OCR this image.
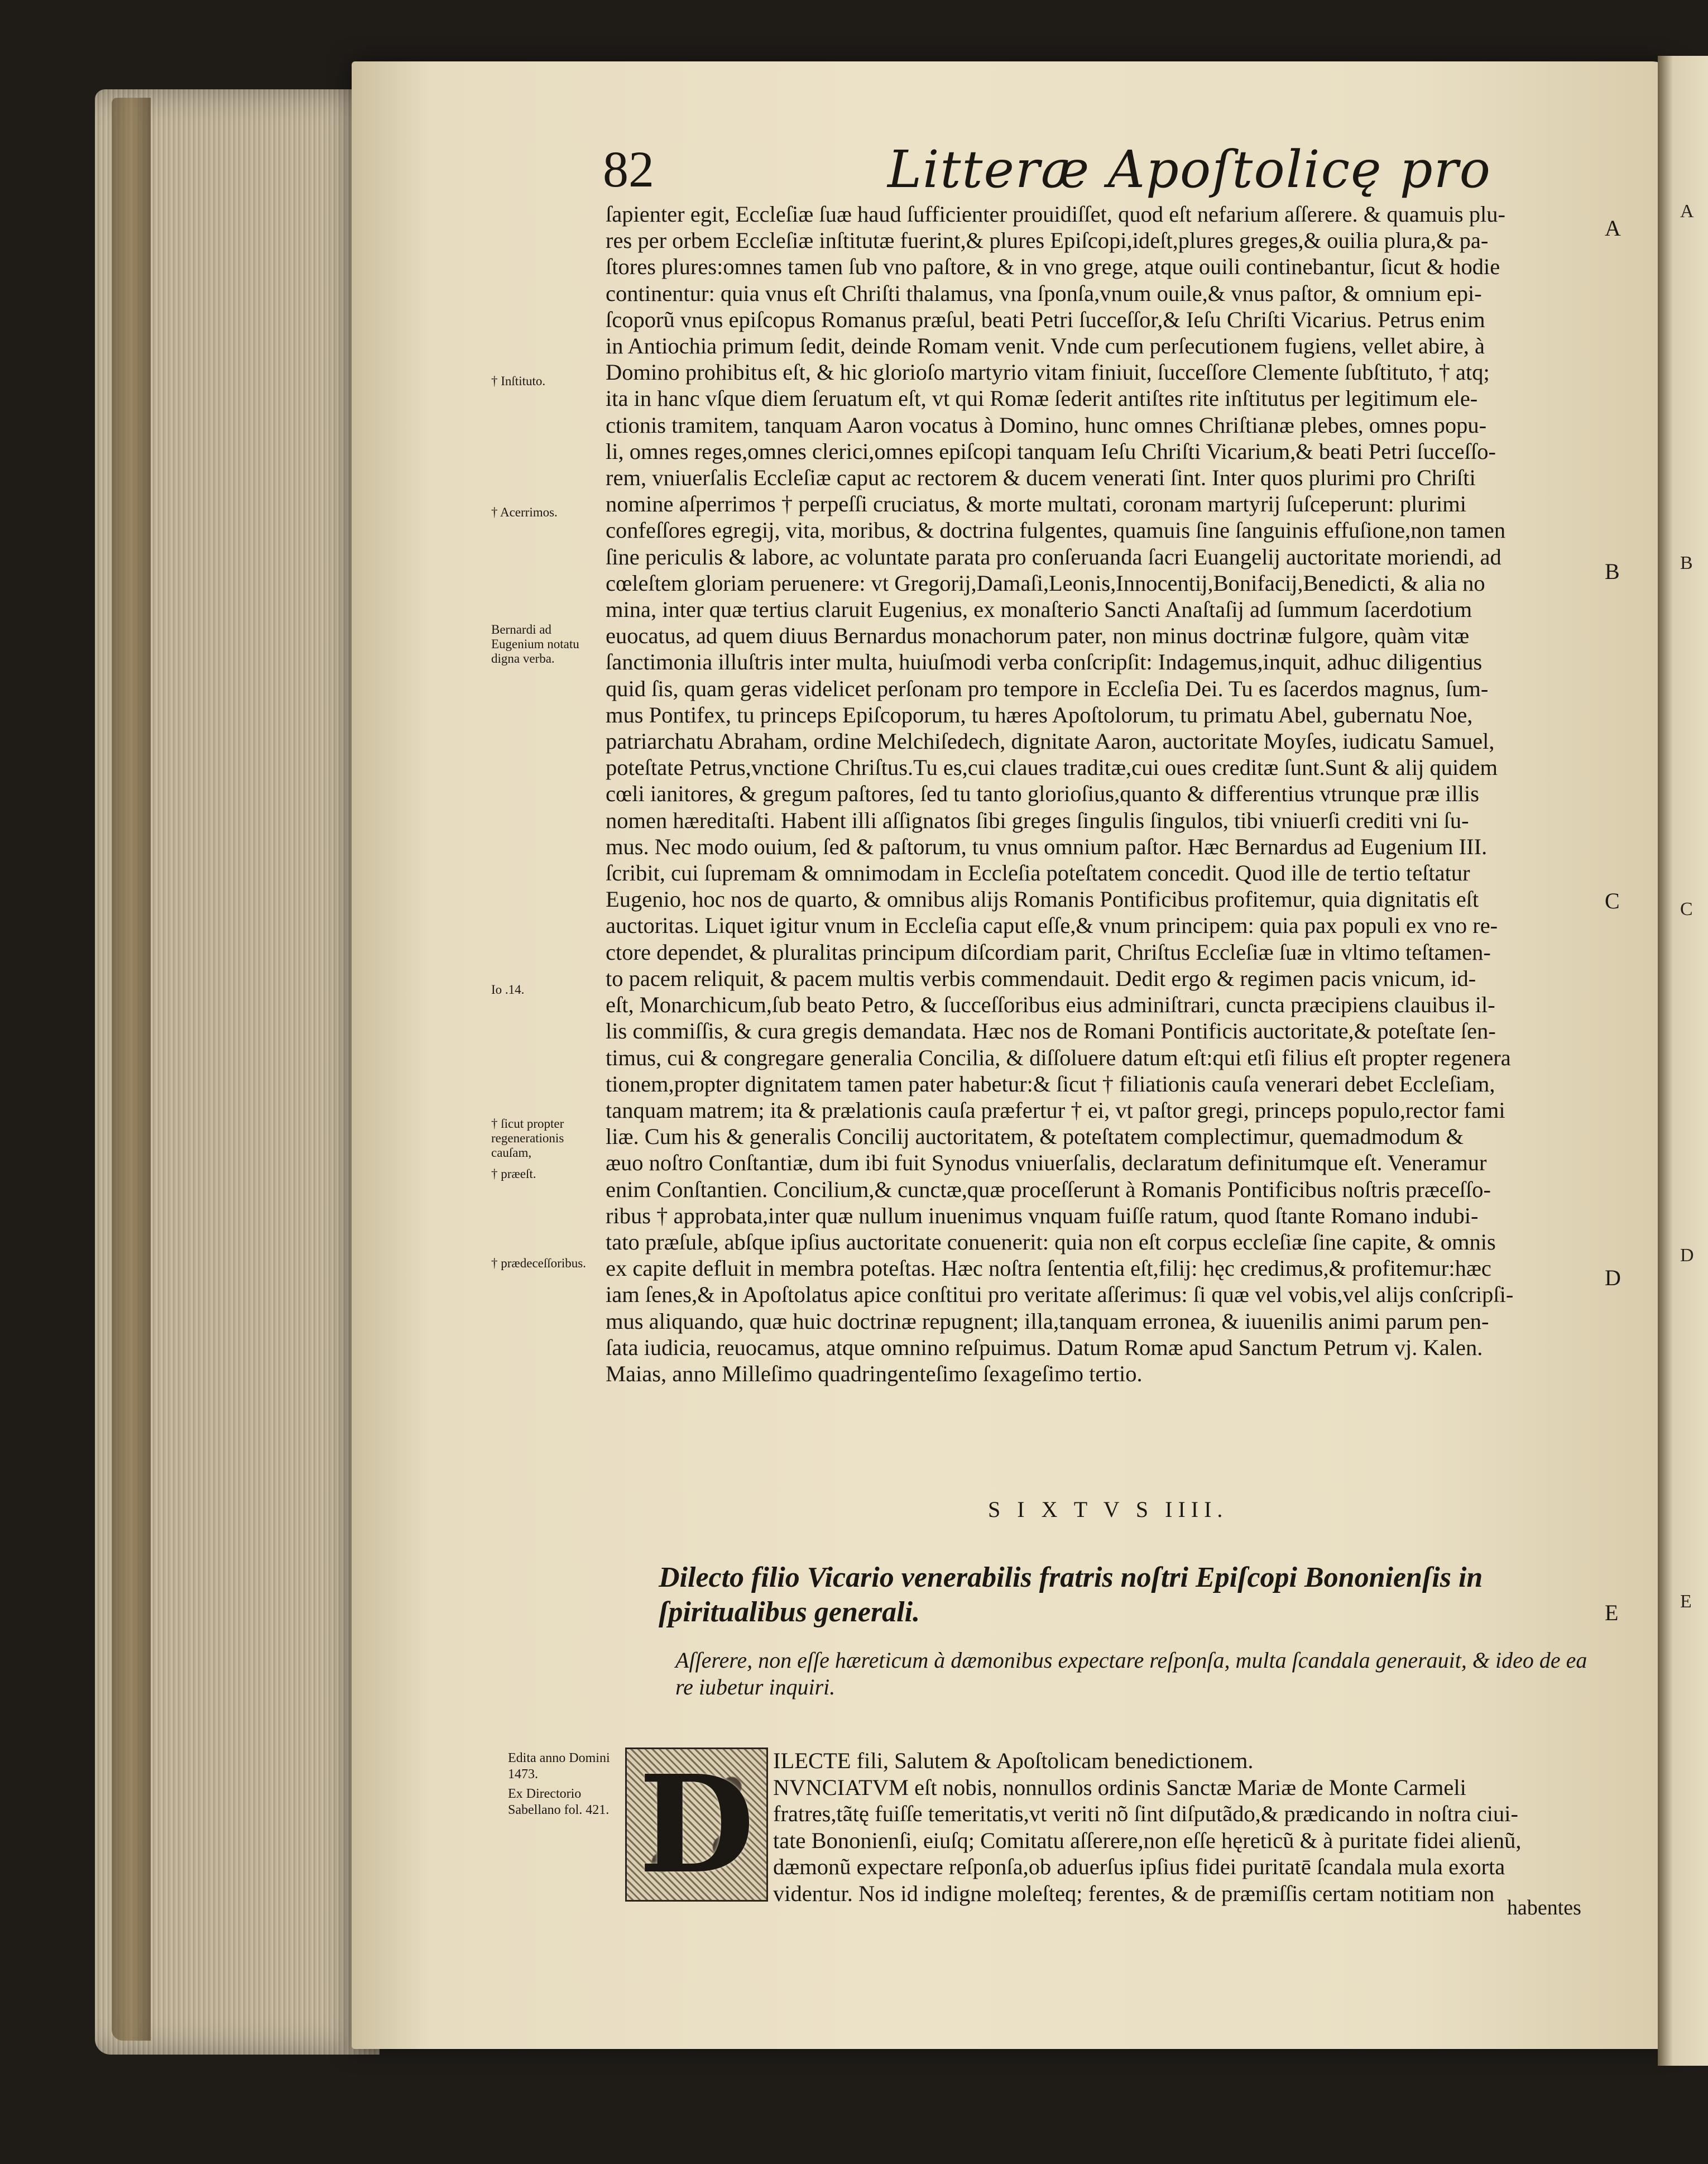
A
B
C
D
E
82	Litteræ Apoſtolicę pro
† Inſtituto.
† Acerrimos.
Bernardi ad Eugenium notatu digna verba.
Io .14.
† ſicut propter regenerationis cauſam,
† præeſt.
† prædeceſſoribus.
A
B
C
D
E
ſapienter egit, Eccleſiæ ſuæ haud ſufficienter prouidiſſet, quod eſt nefarium aſſerere. & quamuis plu-
res per orbem Eccleſiæ inſtitutæ fuerint,& plures Epiſcopi,ideſt,plures greges,& ouilia plura,& pa-
ſtores plures:omnes tamen ſub vno paſtore, & in vno grege, atque ouili continebantur, ſicut & hodie
continentur: quia vnus eſt Chriſti thalamus, vna ſponſa,vnum ouile,& vnus paſtor, & omnium epi-
ſcoporũ vnus epiſcopus Romanus præſul, beati Petri ſucceſſor,& Ieſu Chriſti Vicarius. Petrus enim
in Antiochia primum ſedit, deinde Romam venit. Vnde cum perſecutionem fugiens, vellet abire, à
Domino prohibitus eſt, & hic glorioſo martyrio vitam finiuit, ſucceſſore Clemente ſubſtituto, † atq;
ita in hanc vſque diem ſeruatum eſt, vt qui Romæ ſederit antiſtes rite inſtitutus per legitimum ele-
ctionis tramitem, tanquam Aaron vocatus à Domino, hunc omnes Chriſtianæ plebes, omnes popu-
li, omnes reges,omnes clerici,omnes epiſcopi tanquam Ieſu Chriſti Vicarium,& beati Petri ſucceſſo-
rem, vniuerſalis Eccleſiæ caput ac rectorem & ducem venerati ſint. Inter quos plurimi pro Chriſti
nomine aſperrimos † perpeſſi cruciatus, & morte multati, coronam martyrij ſuſceperunt: plurimi
confeſſores egregij, vita, moribus, & doctrina fulgentes, quamuis ſine ſanguinis effuſione,non tamen
ſine periculis & labore, ac voluntate parata pro conſeruanda ſacri Euangelij auctoritate moriendi, ad
cœleſtem gloriam peruenere: vt Gregorij,Damaſi,Leonis,Innocentij,Bonifacij,Benedicti, & alia no
mina, inter quæ tertius claruit Eugenius, ex monaſterio Sancti Anaſtaſij ad ſummum ſacerdotium
euocatus, ad quem diuus Bernardus monachorum pater, non minus doctrinæ fulgore, quàm vitæ
ſanctimonia illuſtris inter multa, huiuſmodi verba conſcripſit: Indagemus,inquit, adhuc diligentius
quid ſis, quam geras videlicet perſonam pro tempore in Eccleſia Dei. Tu es ſacerdos magnus, ſum-
mus Pontifex, tu princeps Epiſcoporum, tu hæres Apoſtolorum, tu primatu Abel, gubernatu Noe,
patriarchatu Abraham, ordine Melchiſedech, dignitate Aaron, auctoritate Moyſes, iudicatu Samuel,
poteſtate Petrus,vnctione Chriſtus.Tu es,cui claues traditæ,cui oues creditæ ſunt.Sunt & alij quidem
cœli ianitores, & gregum paſtores, ſed tu tanto glorioſius,quanto & differentius vtrunque præ illis
nomen hæreditaſti. Habent illi aſſignatos ſibi greges ſingulis ſingulos, tibi vniuerſi crediti vni ſu-
mus. Nec modo ouium, ſed & paſtorum, tu vnus omnium paſtor. Hæc Bernardus ad Eugenium III.
ſcribit, cui ſupremam & omnimodam in Eccleſia poteſtatem concedit. Quod ille de tertio teſtatur
Eugenio, hoc nos de quarto, & omnibus alijs Romanis Pontificibus profitemur, quia dignitatis eſt
auctoritas. Liquet igitur vnum in Eccleſia caput eſſe,& vnum principem: quia pax populi ex vno re-
ctore dependet, & pluralitas principum diſcordiam parit, Chriſtus Eccleſiæ ſuæ in vltimo teſtamen-
to pacem reliquit, & pacem multis verbis commendauit. Dedit ergo & regimen pacis vnicum, id-
eſt, Monarchicum,ſub beato Petro, & ſucceſſoribus eius adminiſtrari, cuncta præcipiens clauibus il-
lis commiſſis, & cura gregis demandata. Hæc nos de Romani Pontificis auctoritate,& poteſtate ſen-
timus, cui & congregare generalia Concilia, & diſſoluere datum eſt:qui etſi filius eſt propter regenera
tionem,propter dignitatem tamen pater habetur:& ſicut † filiationis cauſa venerari debet Eccleſiam,
tanquam matrem; ita & prælationis cauſa præfertur † ei, vt paſtor gregi, princeps populo,rector fami
liæ. Cum his & generalis Concilij auctoritatem, & poteſtatem complectimur, quemadmodum &
æuo noſtro Conſtantiæ, dum ibi fuit Synodus vniuerſalis, declaratum definitumque eſt. Veneramur
enim Conſtantien. Concilium,& cunctæ,quæ proceſſerunt à Romanis Pontificibus noſtris præceſſo-
ribus † approbata,inter quæ nullum inuenimus vnquam fuiſſe ratum, quod ſtante Romano indubi-
tato præſule, abſque ipſius auctoritate conuenerit: quia non eſt corpus eccleſiæ ſine capite, & omnis
ex capite defluit in membra poteſtas. Hæc noſtra ſententia eſt,filij: hęc credimus,& profitemur:hæc
iam ſenes,& in Apoſtolatus apice conſtitui pro veritate aſſerimus: ſi quæ vel vobis,vel alijs conſcripſi-
mus aliquando, quæ huic doctrinæ repugnent; illa,tanquam erronea, & iuuenilis animi parum pen-
ſata iudicia, reuocamus, atque omnino reſpuimus. Datum Romæ apud Sanctum Petrum vj. Kalen.
Maias, anno Milleſimo quadringenteſimo ſexageſimo tertio.
S I X T V S IIII.
Dilecto filio Vicario venerabilis fratris noſtri Epiſcopi Bononienſis in ſpiritualibus generali.
Aſſerere, non eſſe hæreticum à dæmonibus expectare reſponſa, multa ſcandala generauit, & ideo de ea re iubetur inquiri.
Edita anno Domini 1473.
Ex Directorio Sabellano fol. 421. D ILECTE fili, Salutem & Apoſtolicam benedictionem.
NVNCIATVM eſt nobis, nonnullos ordinis Sanctæ Mariæ de Monte Carmeli
fratres,tãtę fuiſſe temeritatis,vt veriti nõ ſint diſputãdo,& prædicando in noſtra ciui-
tate Bononienſi, eiuſq; Comitatu aſſerere,non eſſe hęreticũ & à puritate fidei alienũ,
dæmonũ expectare reſponſa,ob aduerſus ipſius fidei puritatē ſcandala mula exorta
videntur. Nos id indigne moleſteq; ferentes, & de præmiſſis certam notitiam non
habentes
